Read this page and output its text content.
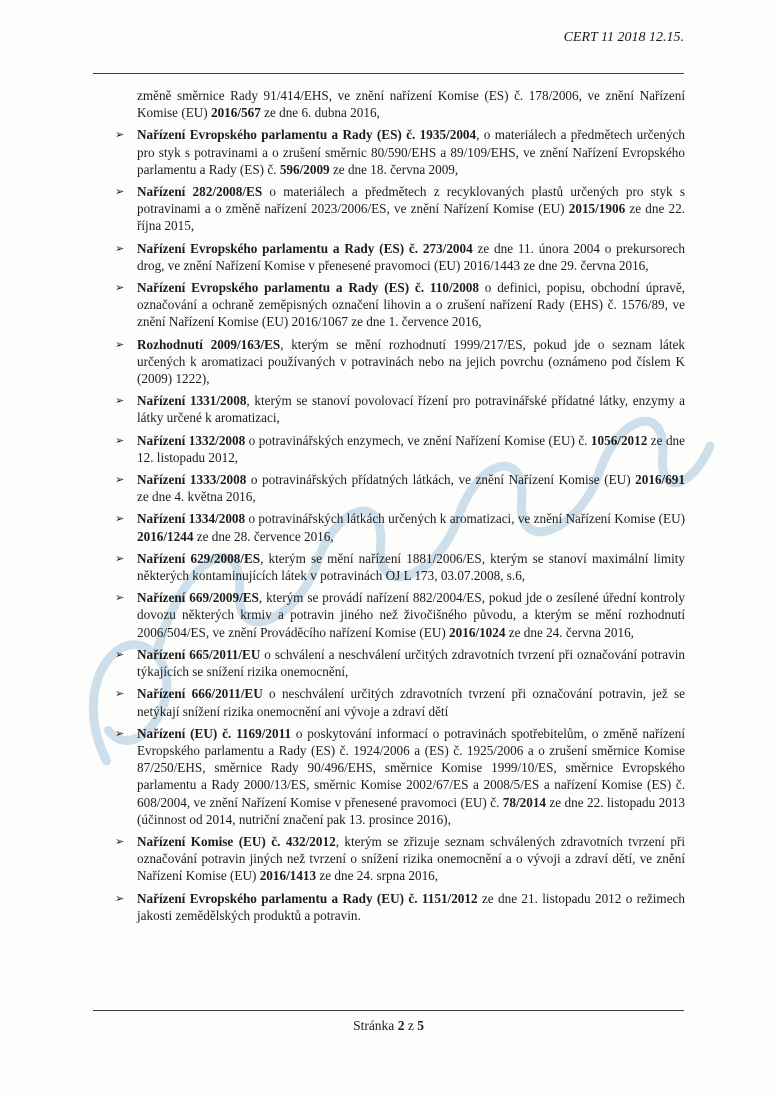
CERT 11 2018 12.15.

změně směrnice Rady 91/414/EHS, ve znění nařízení Komise (ES) č. 178/2006, ve znění Nařízení Komise (EU) 2016/567 ze dne 6. dubna 2016,

➢ Nařízení Evropského parlamentu a Rady (ES) č. 1935/2004, o materiálech a předmětech určených pro styk s potravinami a o zrušení směrnic 80/590/EHS a 89/109/EHS, ve znění Nařízení Evropského parlamentu a Rady (ES) č. 596/2009 ze dne 18. června 2009,
➢ Nařízení 282/2008/ES o materiálech a předmětech z recyklovaných plastů určených pro styk s potravinami a o změně nařízení 2023/2006/ES, ve znění Nařízení Komise (EU) 2015/1906 ze dne 22. října 2015,
➢ Nařízení Evropského parlamentu a Rady (ES) č. 273/2004 ze dne 11. února 2004 o prekursorech drog, ve znění Nařízení Komise v přenesené pravomoci (EU) 2016/1443 ze dne 29. června 2016,
➢ Nařízení Evropského parlamentu a Rady (ES) č. 110/2008 o definici, popisu, obchodní úpravě, označování a ochraně zeměpisných označení lihovin a o zrušení nařízení Rady (EHS) č. 1576/89, ve znění Nařízení Komise (EU) 2016/1067 ze dne 1. července 2016,
➢ Rozhodnutí 2009/163/ES, kterým se mění rozhodnutí 1999/217/ES, pokud jde o seznam látek určených k aromatizaci používaných v potravinách nebo na jejich povrchu (oznámeno pod číslem K (2009) 1222),
➢ Nařízení 1331/2008, kterým se stanoví povolovací řízení pro potravinářské přídatné látky, enzymy a látky určené k aromatizaci,
➢ Nařízení 1332/2008 o potravinářských enzymech, ve znění Nařízení Komise (EU) č. 1056/2012 ze dne 12. listopadu 2012,
➢ Nařízení 1333/2008 o potravinářských přídatných látkách, ve znění Nařízení Komise (EU) 2016/691 ze dne 4. května 2016,
➢ Nařízení 1334/2008 o potravinářských látkách určených k aromatizaci, ve znění Nařízení Komise (EU) 2016/1244 ze dne 28. července 2016,
➢ Nařízení 629/2008/ES, kterým se mění nařízení 1881/2006/ES, kterým se stanoví maximální limity některých kontaminujících látek v potravinách OJ L 173, 03.07.2008, s.6,
➢ Nařízení 669/2009/ES, kterým se provádí nařízení 882/2004/ES, pokud jde o zesílené úřední kontroly dovozu některých krmiv a potravin jiného než živočišného původu, a kterým se mění rozhodnutí 2006/504/ES, ve znění Prováděcího nařízení Komise (EU) 2016/1024 ze dne 24. června 2016,
➢ Nařízení 665/2011/EU o schválení a neschválení určitých zdravotních tvrzení při označování potravin týkajících se snížení rizika onemocnění,
➢ Nařízení 666/2011/EU o neschválení určitých zdravotních tvrzení při označování potravin, jež se netýkají snížení rizika onemocnění ani vývoje a zdraví dětí
➢ Nařízení (EU) č. 1169/2011 o poskytování informací o potravinách spotřebitelům, o změně nařízení Evropského parlamentu a Rady (ES) č. 1924/2006 a (ES) č. 1925/2006 a o zrušení směrnice Komise 87/250/EHS, směrnice Rady 90/496/EHS, směrnice Komise 1999/10/ES, směrnice Evropského parlamentu a Rady 2000/13/ES, směrnic Komise 2002/67/ES a 2008/5/ES a nařízení Komise (ES) č. 608/2004, ve znění Nařízení Komise v přenesené pravomoci (EU) č. 78/2014 ze dne 22. listopadu 2013 (účinnost od 2014, nutriční značení pak 13. prosince 2016),
➢ Nařízení Komise (EU) č. 432/2012, kterým se zřizuje seznam schválených zdravotních tvrzení při označování potravin jiných než tvrzení o snížení rizika onemocnění a o vývoji a zdraví dětí, ve znění Nařízení Komise (EU) 2016/1413 ze dne 24. srpna 2016,
➢ Nařízení Evropského parlamentu a Rady (EU) č. 1151/2012 ze dne 21. listopadu 2012 o režimech jakosti zemědělských produktů a potravin.
Stránka 2 z 5
